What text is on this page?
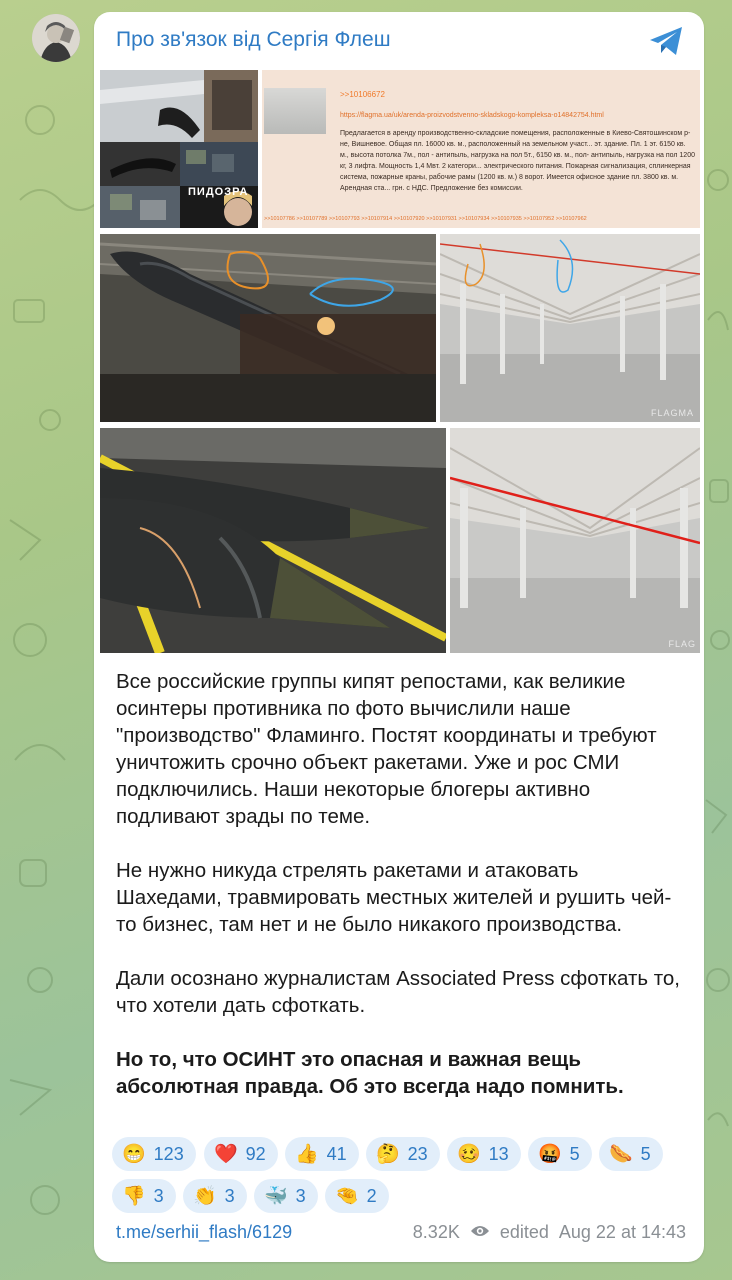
Про зв'язок від Сергія Флеш
ПИДОЗРА
>>10106672
https://flagma.ua/uk/arenda-proizvodstvenno-skladskogo-kompleksa-o14842754.html
Предлагается в аренду производственно-складские помещения, расположенные в Киево-Святошинском р-не, Вишневое. Общая пл. 16000 кв. м., расположенный на земельном участ... эт. здание. Пл. 1 эт. 6150 кв. м., высота потолка 7м., пол - антипыль, нагрузка на пол 5т., 6150 кв. м., пол- антипыль, нагрузка на пол 1200 кг, 3 лифта. Мощность 1,4 Мвт. 2 категори... электрического питания. Пожарная сигнализация, сплинкерная система, пожарные краны, рабочие рамы (1200 кв. м.) 8 ворот. Имеется офисное здание пл. 3800 кв. м. Арендная ста... грн. с НДС. Предложение без комиссии.
>>10107786 >>10107789 >>10107793 >>10107914 >>10107920 >>10107931 >>10107934 >>10107935 >>10107952 >>10107962
FLAGMA
FLAG

Все российские группы кипят репостами, как великие осинтеры противника по фото вычислили наше "производство" Фламинго. Постят координаты и требуют уничтожить срочно объект ракетами. Уже и рос СМИ подключились. Наши некоторые блогеры активно подливают зрады по теме.

Не нужно никуда стрелять ракетами и атаковать Шахедами, травмировать местных жителей и рушить чей-то бизнес, там нет и не было никакого производства.

Дали осознано журналистам Associated Press сфоткать то, что хотели дать сфоткать.

Но то, что ОСИНТ это опасная и важная вещь абсолютная правда. Об это всегда надо помнить.

😁 123 ❤️ 92 👍 41 🤔 23 🥴 13 🤬 5 🌭 5
👎 3 👏 3 🐳 3 🤏 2
t.me/serhii_flash/6129	8.32K edited Aug 22 at 14:43
